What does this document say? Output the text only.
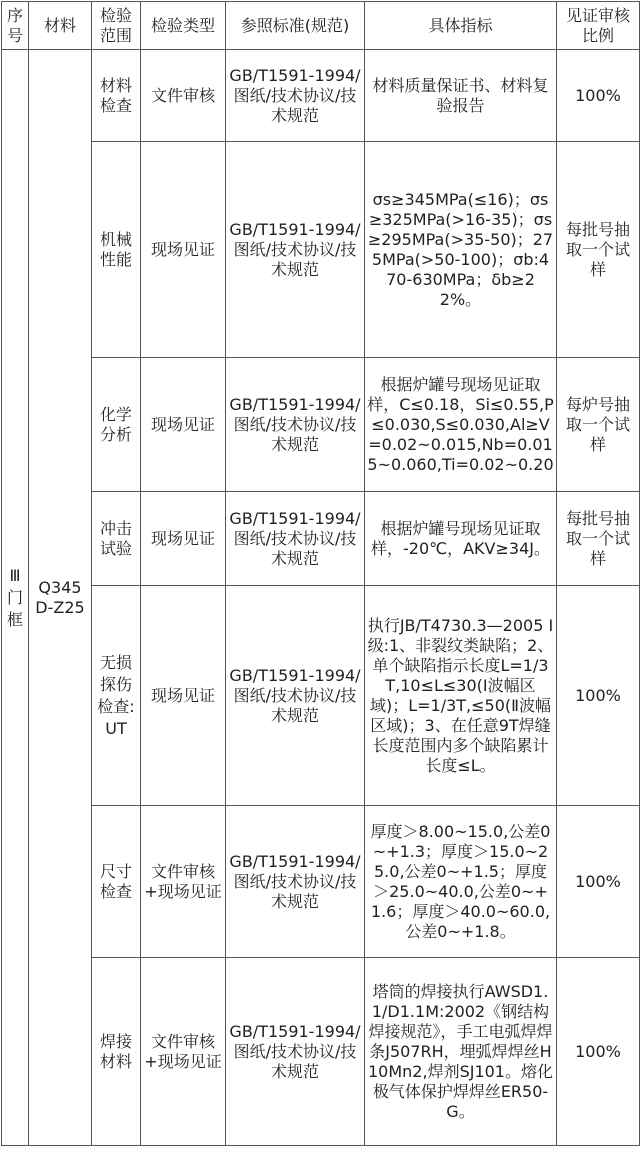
序号	材料	检验范围	检验类型	参照标准(规范)	具体指标	见证审核比例
Ⅲ门框	Q345 D-Z25	材料检查	文件审核	GB/T1591-1994/图纸/技术协议/技术规范	材料质量保证书、材料复验报告	100%
		机械性能	现场见证	GB/T1591-1994/图纸/技术协议/技术规范	σs≥345MPa(≤16)；σs≥325MPa(>16-35)；σs≥295MPa(>35-50)；275MPa(>50-100)；σb:470-630MPa；δb≥22%。	每批号抽取一个试样
		化学分析	现场见证	GB/T1591-1994/图纸/技术协议/技术规范	根据炉罐号现场见证取样，C≤0.18，Si≤0.55,P≤0.030,S≤0.030,Al≥V=0.02~0.015,Nb=0.015~0.060,Ti=0.02~0.20	每炉号抽取一个试样
		冲击试验	现场见证	GB/T1591-1994/图纸/技术协议/技术规范	根据炉罐号现场见证取样，-20℃，AKV≥34J。	每批号抽取一个试样
		无损探伤检查:UT	现场见证	GB/T1591-1994/图纸/技术协议/技术规范	执行JB/T4730.3—2005 Ⅰ级:1、非裂纹类缺陷；2、单个缺陷指示长度L=1/3T,10≤L≤30(Ⅰ波幅区域)；L=1/3T,≤50(Ⅱ波幅区域)；3、在任意9T焊缝长度范围内多个缺陷累计长度≤L。	100%
		尺寸检查	文件审核+现场见证	GB/T1591-1994/图纸/技术协议/技术规范	厚度＞8.00~15.0,公差0~+1.3；厚度＞15.0~25.0,公差0~+1.5；厚度＞25.0~40.0,公差0~+1.6；厚度＞40.0~60.0,公差0~+1.8。	100%
		焊接材料	文件审核+现场见证	GB/T1591-1994/图纸/技术协议/技术规范	塔筒的焊接执行AWSD1.1/D1.1M:2002《钢结构焊接规范》，手工电弧焊焊条J507RH，埋弧焊焊丝H10Mn2,焊剂SJ101。熔化极气体保护焊焊丝ER50-G。	100%
